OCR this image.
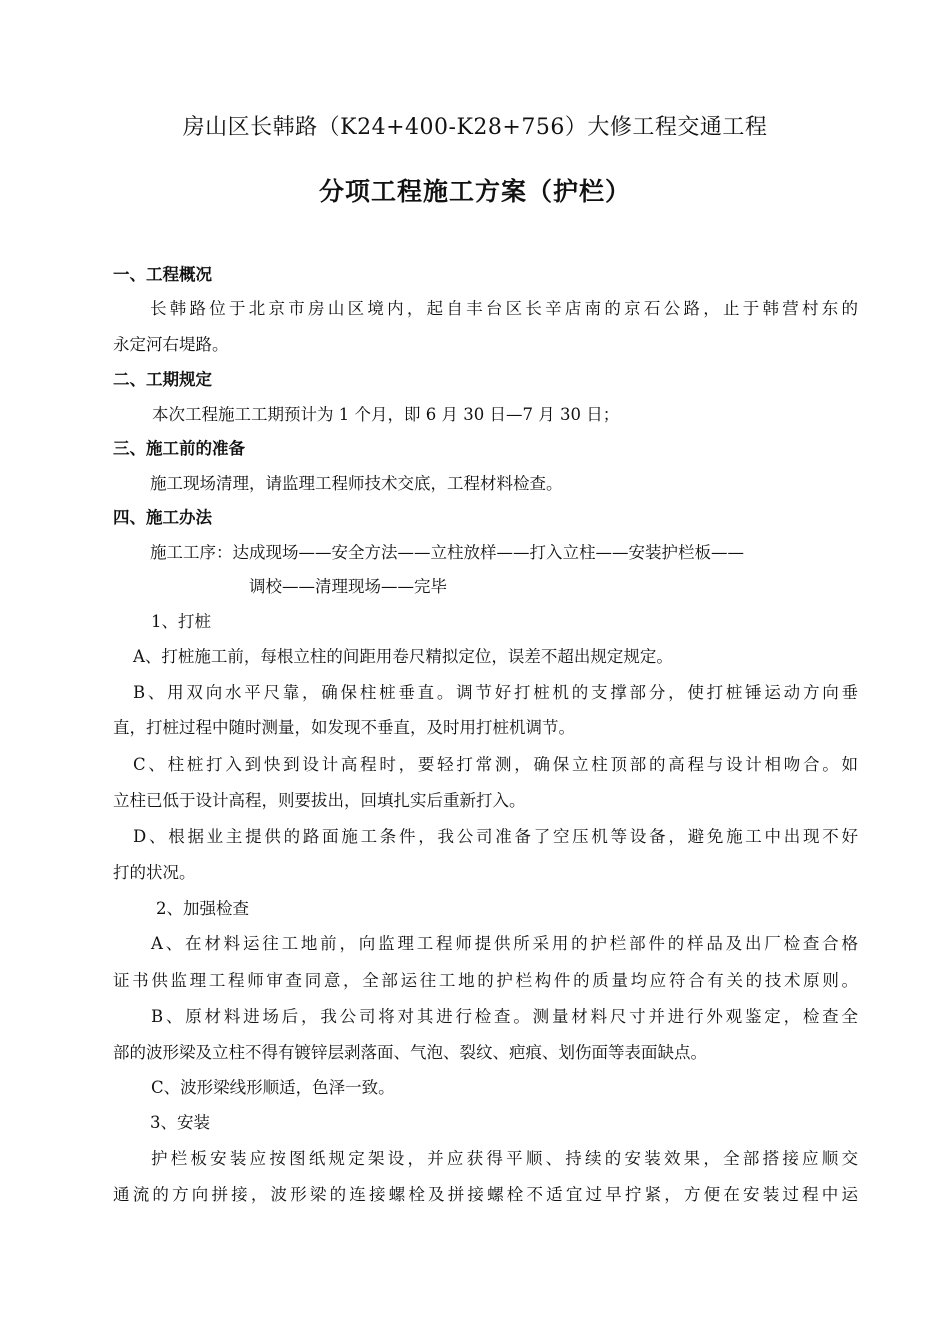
房山区长韩路（K24+400-K28+756）大修工程交通工程
分项工程施工方案（护栏）
一、工程概况
长韩路位于北京市房山区境内，起自丰台区长辛店南的京石公路，止于韩营村东的
永定河右堤路。
二、工期规定
本次工程施工工期预计为 1 个月，即 6 月 30 日—7 月 30 日；
三、施工前的准备
施工现场清理，请监理工程师技术交底，工程材料检查。
四、施工办法
施工工序：达成现场——安全方法——立柱放样——打入立柱——安装护栏板——
调校——清理现场——完毕
1、打桩
A、打桩施工前，每根立柱的间距用卷尺精拟定位，误差不超出规定规定。
B、用双向水平尺靠，确保柱桩垂直。调节好打桩机的支撑部分，使打桩锤运动方向垂
直，打桩过程中随时测量，如发现不垂直，及时用打桩机调节。
C、柱桩打入到快到设计高程时，要轻打常测，确保立柱顶部的高程与设计相吻合。如
立柱已低于设计高程，则要拔出，回填扎实后重新打入。
D、根据业主提供的路面施工条件，我公司准备了空压机等设备，避免施工中出现不好
打的状况。
2、加强检查
A、在材料运往工地前，向监理工程师提供所采用的护栏部件的样品及出厂检查合格
证书供监理工程师审查同意，全部运往工地的护栏构件的质量均应符合有关的技术原则。
B、原材料进场后，我公司将对其进行检查。测量材料尺寸并进行外观鉴定，检查全
部的波形梁及立柱不得有镀锌层剥落面、气泡、裂纹、疤痕、划伤面等表面缺点。
C、波形梁线形顺适，色泽一致。
3、安装
护栏板安装应按图纸规定架设，并应获得平顺、持续的安装效果，全部搭接应顺交
通流的方向拼接，波形梁的连接螺栓及拼接螺栓不适宜过早拧紧，方便在安装过程中运
